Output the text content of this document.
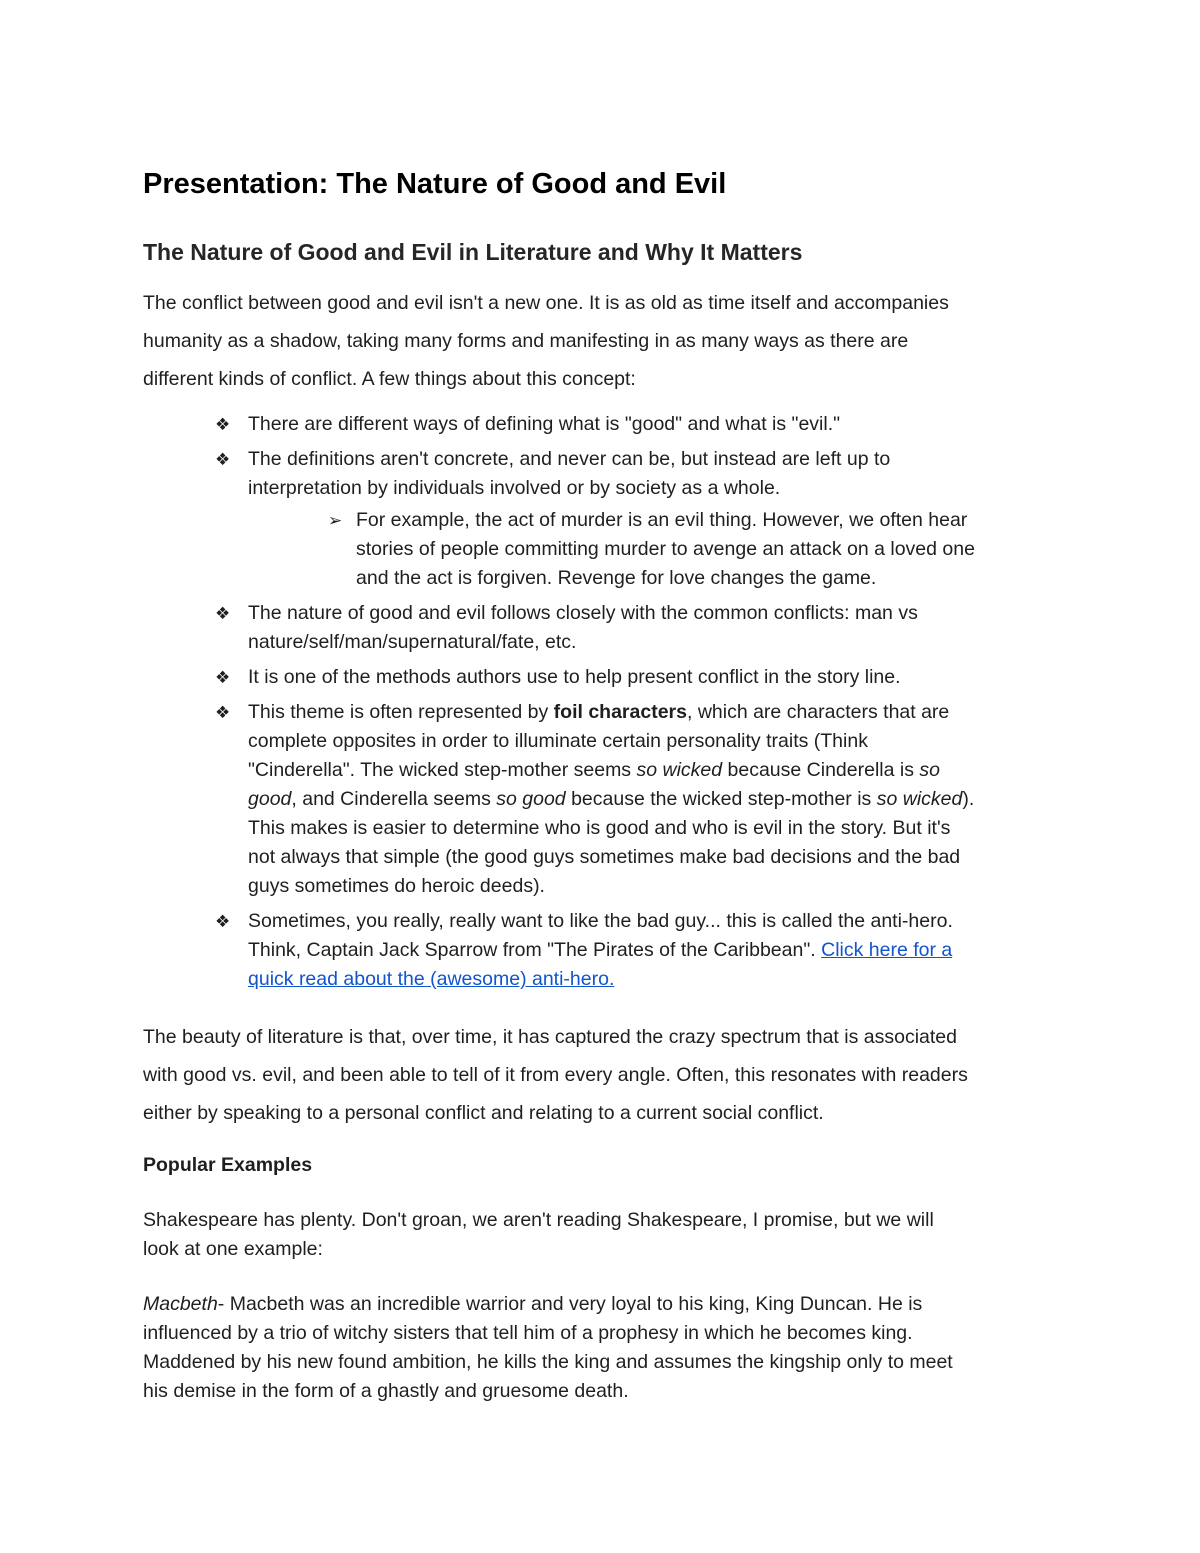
Presentation: The Nature of Good and Evil
The Nature of Good and Evil in Literature and Why It Matters

The conflict between good and evil isn't a new one. It is as old as time itself and accompanies
humanity as a shadow, taking many forms and manifesting in as many ways as there are
different kinds of conflict. A few things about this concept:

❖ There are different ways of defining what is "good" and what is "evil."
❖ The definitions aren't concrete, and never can be, but instead are left up to
interpretation by individuals involved or by society as a whole.
➢ For example, the act of murder is an evil thing. However, we often hear
stories of people committing murder to avenge an attack on a loved one
and the act is forgiven. Revenge for love changes the game.
❖ The nature of good and evil follows closely with the common conflicts: man vs
nature/self/man/supernatural/fate, etc.
❖ It is one of the methods authors use to help present conflict in the story line.
❖ This theme is often represented by foil characters, which are characters that are
complete opposites in order to illuminate certain personality traits (Think
"Cinderella". The wicked step-mother seems so wicked because Cinderella is so
good, and Cinderella seems so good because the wicked step-mother is so wicked).
This makes is easier to determine who is good and who is evil in the story. But it's
not always that simple (the good guys sometimes make bad decisions and the bad
guys sometimes do heroic deeds).
❖ Sometimes, you really, really want to like the bad guy... this is called the anti-hero.
Think, Captain Jack Sparrow from "The Pirates of the Caribbean". Click here for a
quick read about the (awesome) anti-hero.

The beauty of literature is that, over time, it has captured the crazy spectrum that is associated
with good vs. evil, and been able to tell of it from every angle. Often, this resonates with readers
either by speaking to a personal conflict and relating to a current social conflict.

Popular Examples

Shakespeare has plenty. Don't groan, we aren't reading Shakespeare, I promise, but we will
look at one example:

Macbeth- Macbeth was an incredible warrior and very loyal to his king, King Duncan. He is
influenced by a trio of witchy sisters that tell him of a prophesy in which he becomes king.
Maddened by his new found ambition, he kills the king and assumes the kingship only to meet
his demise in the form of a ghastly and gruesome death.
